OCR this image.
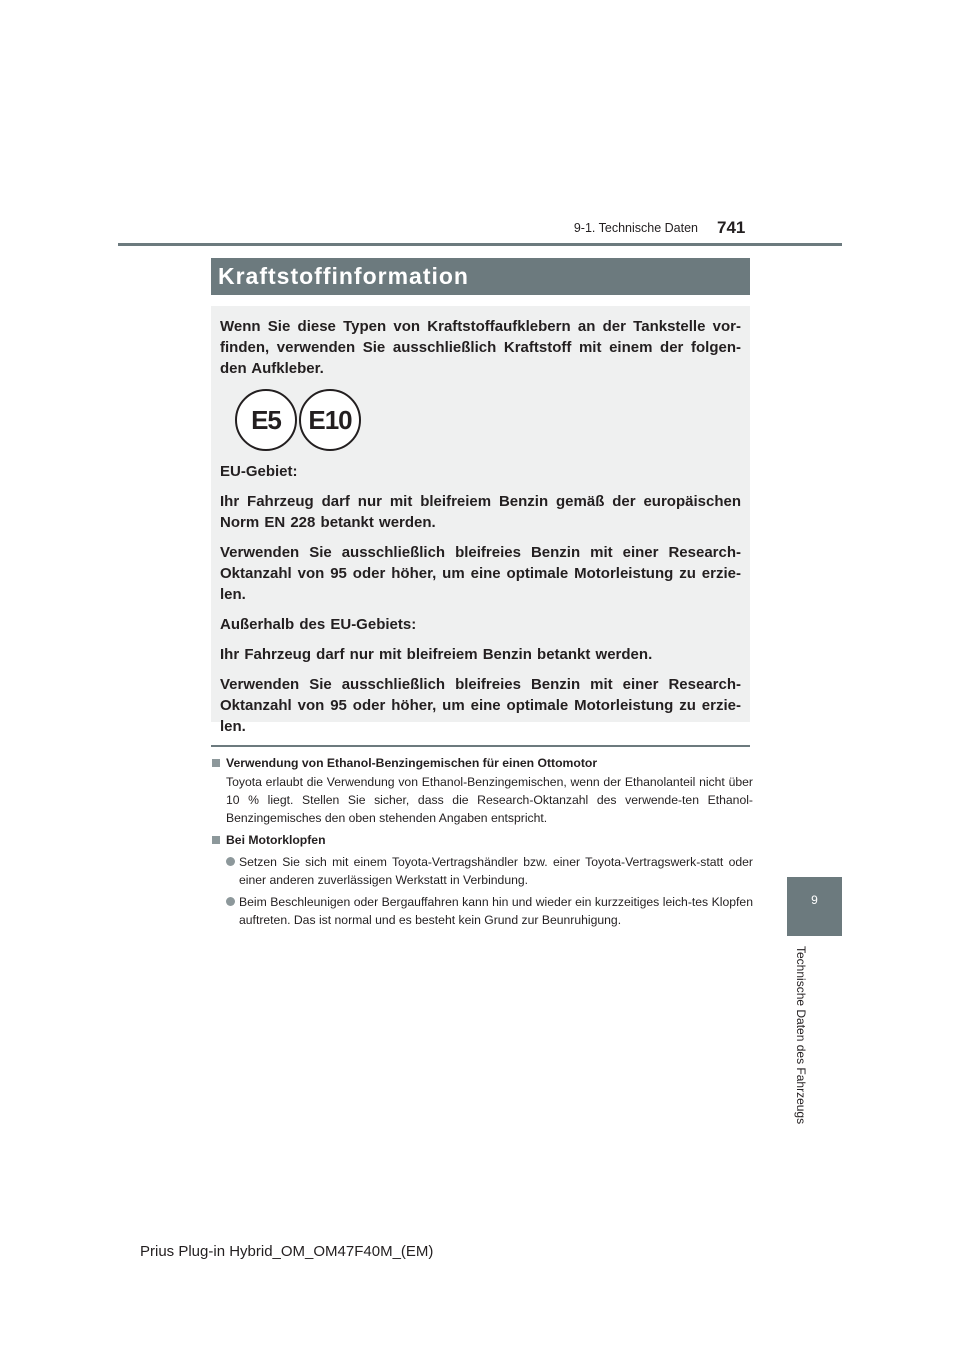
9-1. Technische Daten 741
Kraftstoffinformation

Wenn Sie diese Typen von Kraftstoffaufklebern an der Tankstelle vor-finden, verwenden Sie ausschließlich Kraftstoff mit einem der folgen-den Aufkleber.

E5	E10

EU-Gebiet:

Ihr Fahrzeug darf nur mit bleifreiem Benzin gemäß der europäischen Norm EN 228 betankt werden.

Verwenden Sie ausschließlich bleifreies Benzin mit einer Research-Oktanzahl von 95 oder höher, um eine optimale Motorleistung zu erzie-len.

Außerhalb des EU-Gebiets:

Ihr Fahrzeug darf nur mit bleifreiem Benzin betankt werden.

Verwenden Sie ausschließlich bleifreies Benzin mit einer Research-Oktanzahl von 95 oder höher, um eine optimale Motorleistung zu erzie-len.

Verwendung von Ethanol-Benzingemischen für einen Ottomotor
Toyota erlaubt die Verwendung von Ethanol-Benzingemischen, wenn der Ethanolanteil nicht über 10 % liegt. Stellen Sie sicher, dass die Research-Oktanzahl des verwende-ten Ethanol-Benzingemisches den oben stehenden Angaben entspricht.
Bei Motorklopfen
Setzen Sie sich mit einem Toyota-Vertragshändler bzw. einer Toyota-Vertragswerk-statt oder einer anderen zuverlässigen Werkstatt in Verbindung.
Beim Beschleunigen oder Bergauffahren kann hin und wieder ein kurzzeitiges leich-tes Klopfen auftreten. Das ist normal und es besteht kein Grund zur Beunruhigung.
9
Technische Daten des Fahrzeugs
Prius Plug-in Hybrid_OM_OM47F40M_(EM)
